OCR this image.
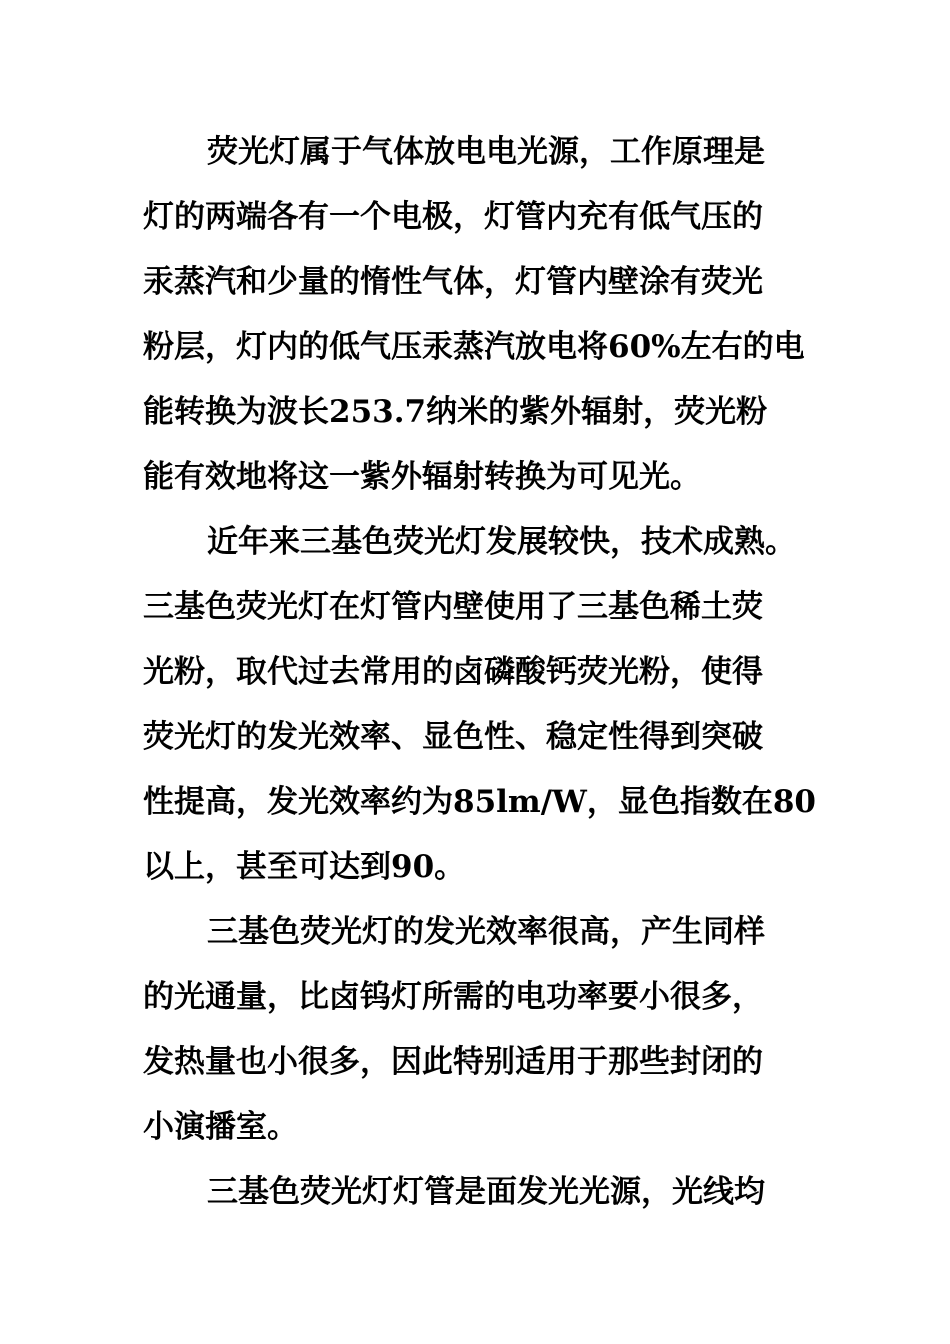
荧光灯属于气体放电电光源，工作原理是
灯的两端各有一个电极，灯管内充有低气压的
汞蒸汽和少量的惰性气体，灯管内壁涂有荧光
粉层，灯内的低气压汞蒸汽放电将60%左右的电
能转换为波长253.7纳米的紫外辐射，荧光粉
能有效地将这一紫外辐射转换为可见光。
近年来三基色荧光灯发展较快，技术成熟。
三基色荧光灯在灯管内壁使用了三基色稀土荧
光粉，取代过去常用的卤磷酸钙荧光粉，使得
荧光灯的发光效率、显色性、稳定性得到突破
性提高，发光效率约为85lm/W，显色指数在80
以上，甚至可达到90。
三基色荧光灯的发光效率很高，产生同样
的光通量，比卤钨灯所需的电功率要小很多，
发热量也小很多，因此特别适用于那些封闭的
小演播室。
三基色荧光灯灯管是面发光光源，光线均
